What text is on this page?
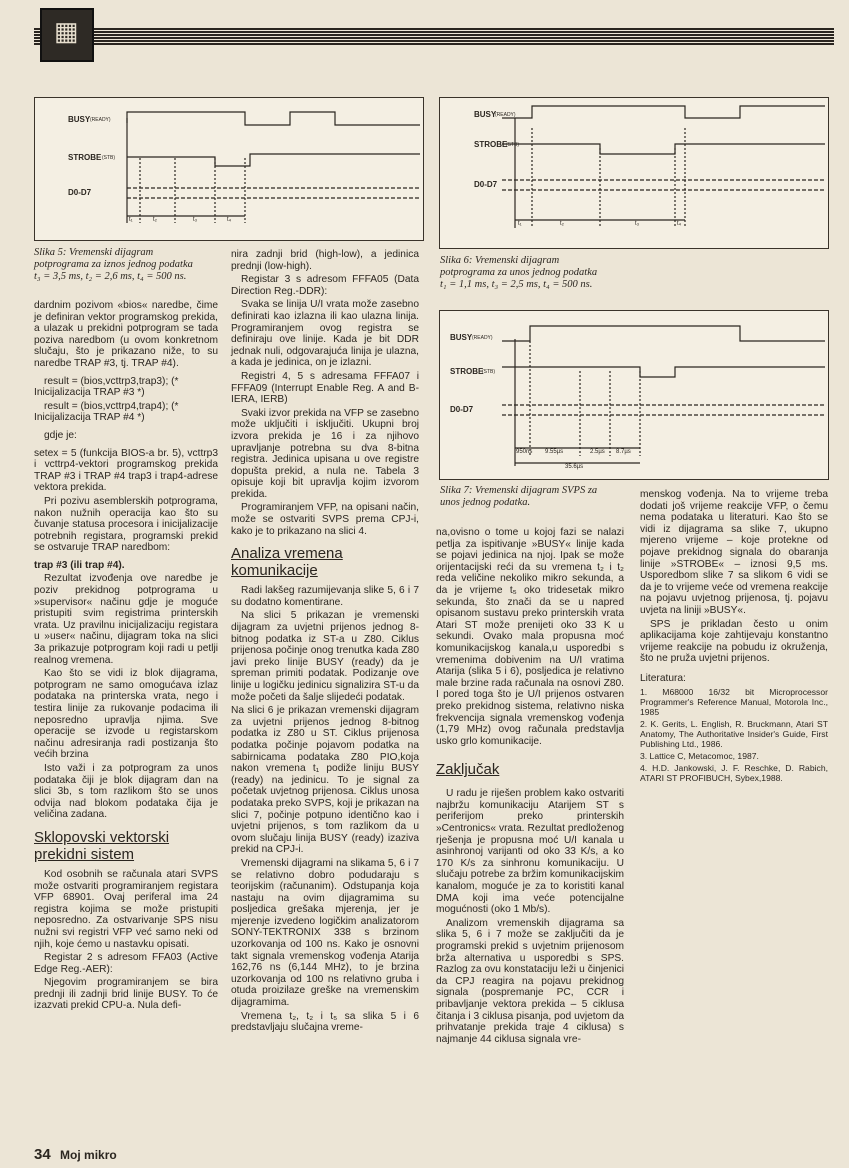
▦
BUSY (READY)
STROBE (STB)
D0-D7
t₁	t₂	t₃	t₄
Slika 5: Vremenski dijagram
potprograma za iznos jednog podatka
t₃ = 3,5 ms, t₂ = 2,6 ms, t₄ = 500 ns.
BUSY
(READY)
STROBE
(STB)
D0-D7
t₁	t₂	t₃	t₄
Slika 6: Vremenski dijagram
potprograma za unos jednog podatka
t₁ = 1,1 ms, t₃ = 2,5 ms, t₄ = 500 ns.
BUSY (READY)
STROBE
(STB)
D0-D7
950ns 9.55µs	2.5µs 8.7µs
35.6µs
Slika 7: Vremenski dijagram SVPS za
unos jednog podatka.

dardnim pozivom «bios« naredbe, čime je definiran vektor programskog prekida, a ulazak u prekidni potprogram se tada poziva naredbom (u ovom konkretnom slučaju, što je prikazano niže, to su naredbe TRAP #3, tj. TRAP #4).

result = (bios,vcttrp3,trap3); (* Inicijalizacija TRAP #3 *)

result = (bios,vcttrp4,trap4); (* Inicijalizacija TRAP #4 *)

gdje je:

setex = 5 (funkcija BIOS-a br. 5), vcttrp3 i vcttrp4-vektori programskog prekida TRAP #3 i TRAP #4 trap3 i trap4-adrese vektora prekida.

Pri pozivu asemblerskih potprograma, nakon nužnih operacija kao što su čuvanje statusa procesora i inicijalizacije potrebnih registara, programski prekid se ostvaruje TRAP naredbom:

trap #3 (ili trap #4).

Rezultat izvođenja ove naredbe je poziv prekidnog potprograma u »supervisor« načinu gdje je moguće pristupiti svim registrima printerskih vrata. Uz pravilnu inicijalizaciju registara u »user« načinu, dijagram toka na slici 3a prikazuje potprogram koji radi u petlji realnog vremena.

Kao što se vidi iz blok dijagrama, potprogram ne samo omogućava izlaz podataka na printerska vrata, nego i testira linije za rukovanje podacima ili neposredno upravlja njima. Sve operacije se izvode u registarskom načinu adresiranja radi postizanja što većih brzina

Isto važi i za potprogram za unos podataka čiji je blok dijagram dan na slici 3b, s tom razlikom što se unos odvija nad blokom podataka čija je veličina zadana.

Sklopovski vektorski prekidni sistem

Kod osobnih se računala atari SVPS može ostvariti programiranjem registara VFP 68901. Ovaj periferal ima 24 registra kojima se može pristupiti neposredno. Za ostvarivanje SPS nisu nužni svi registri VFP već samo neki od njih, koje ćemo u nastavku opisati.

Registar 2 s adresom FFA03 (Active Edge Reg.-AER):

Njegovim programiranjem se bira prednji ili zadnji brid linije BUSY. To će izazvati prekid CPU-a. Nula defi-

nira zadnji brid (high-low), a jedinica prednji (low-high).

Registar 3 s adresom FFFA05 (Data Direction Reg.-DDR):

Svaka se linija U/I vrata može zasebno definirati kao izlazna ili kao ulazna linija. Programiranjem ovog registra se definiraju ove linije. Kada je bit DDR jednak nuli, odgovarajuća linija je ulazna, a kada je jedinica, on je izlazni.

Registri 4, 5 s adresama FFFA07 i FFFA09 (Interrupt Enable Reg. A and B-IERA, IERB)

Svaki izvor prekida na VFP se zasebno može uključiti i isključiti. Ukupni broj izvora prekida je 16 i za njihovo upravljanje potrebna su dva 8-bitna registra. Jedinica upisana u ove registre dopušta prekid, a nula ne. Tabela 3 opisuje koji bit upravlja kojim izvorom prekida.

Programiranjem VFP, na opisani način, može se ostvariti SVPS prema CPJ-i, kako je to prikazano na slici 4.

Analiza vremena komunikacije

Radi lakšeg razumijevanja slike 5, 6 i 7 su dodatno komentirane.

Na slici 5 prikazan je vremenski dijagram za uvjetni prijenos jednog 8-bitnog podatka iz ST-a u Z80. Ciklus prijenosa počinje onog trenutka kada Z80 javi preko linije BUSY (ready) da je spreman primiti podatak. Podizanje ove linije u logičku jedinicu signalizira ST-u da može početi da šalje slijedeći podatak.

Na slici 6 je prikazan vremenski dijagram za uvjetni prijenos jednog 8-bitnog podatka iz Z80 u ST. Ciklus prijenosa podatka počinje pojavom podatka na sabirnicama podataka Z80 PIO,koja nakon vremena t₁ podiže liniju BUSY (ready) na jedinicu. To je signal za početak uvjetnog prijenosa. Ciklus unosa podataka preko SVPS, koji je prikazan na slici 7, počinje potpuno identično kao i uvjetni prijenos, s tom razlikom da u ovom slučaju linija BUSY (ready) izaziva prekid na CPJ-i.

Vremenski dijagrami na slikama 5, 6 i 7 se relativno dobro podudaraju s teorijskim (računanim). Odstupanja koja nastaju na ovim dijagramima su posljedica grešaka mjerenja, jer je mjerenje izvedeno logičkim analizatorom SONY-TEKTRONIX 338 s brzinom uzorkovanja od 100 ns. Kako je osnovni takt signala vremenskog vođenja Atarija 162,76 ns (6,144 MHz), to je brzina uzorkovanja od 100 ns relativno gruba i otuda proizilaze greške na vremenskim dijagramima.

Vremena t₂, t₂ i t₅ sa slika 5 i 6 predstavljaju slučajna vreme-

na,ovisno o tome u kojoj fazi se nalazi petlja za ispitivanje »BUSY« linije kada se pojavi jedinica na njoj. Ipak se može orijentacijski reći da su vremena t₂ i t₂ reda veličine nekoliko mikro sekunda, a da je vrijeme t₅ oko tridesetak mikro sekunda, što znači da se u napred opisanom sustavu preko printerskih vrata Atari ST može prenijeti oko 33 K u sekundi. Ovako mala propusna moć komunikacijskog kanala,u usporedbi s vremenima dobivenim na U/I vratima Atarija (slika 5 i 6), posljedica je relativno male brzine rada računala na osnovi Z80. I pored toga što je U/I prijenos ostvaren preko prekidnog sistema, relativno niska frekvencija signala vremenskog vođenja (1,79 MHz) ovog računala predstavlja usko grlo komunikacije.

Zaključak

U radu je riješen problem kako ostvariti najbržu komunikaciju Atarijem ST s periferijom preko printerskih »Centronics« vrata. Rezultat predloženog rješenja je propusna moć U/I kanala u asinhronoj varijanti od oko 33 K/s, a ko 170 K/s za sinhronu komunikaciju. U slučaju potrebe za bržim komunikacijskim kanalom, moguće je za to koristiti kanal DMA koji ima veće potencijalne mogućnosti (oko 1 Mb/s).

Analizom vremenskih dijagrama sa slika 5, 6 i 7 može se zaključiti da je programski prekid s uvjetnim prijenosom brža alternativa u usporedbi s SPS. Razlog za ovu konstataciju leži u činjenici da CPJ reagira na pojavu prekidnog signala (pospremanje PC, CCR i pribavljanje vektora prekida – 5 ciklusa čitanja i 3 ciklusa pisanja, pod uvjetom da prihvatanje prekida traje 4 ciklusa) s najmanje 44 ciklusa signala vre-

menskog vođenja. Na to vrijeme treba dodati još vrijeme reakcije VFP, o čemu nema podataka u literaturi. Kao što se vidi iz dijagrama sa slike 7, ukupno mjereno vrijeme – koje protekne od pojave prekidnog signala do obaranja linije »STROBE« – iznosi 9,5 ms. Usporedbom slike 7 sa slikom 6 vidi se da je to vrijeme veće od vremena reakcije na pojavu uvjetnog prijenosa, tj. pojavu uvjeta na liniji »BUSY«.

SPS je prikladan često u onim aplikacijama koje zahtijevaju konstantno vrijeme reakcije na pobudu iz okruženja, što ne pruža uvjetni prijenos.

Literatura:

1. M68000 16/32 bit Microprocessor Programmer's Reference Manual, Motorola Inc., 1985

2. K. Gerits, L. English, R. Bruckmann, Atari ST Anatomy, The Authoritative Insider's Guide, First Publishing Ltd., 1986.

3. Lattice C, Metacomoc, 1987.

4. H.D. Jankowski, J. F. Reschke, D. Rabich, ATARI ST PROFIBUCH, Sybex,1988.

34 Moj mikro
